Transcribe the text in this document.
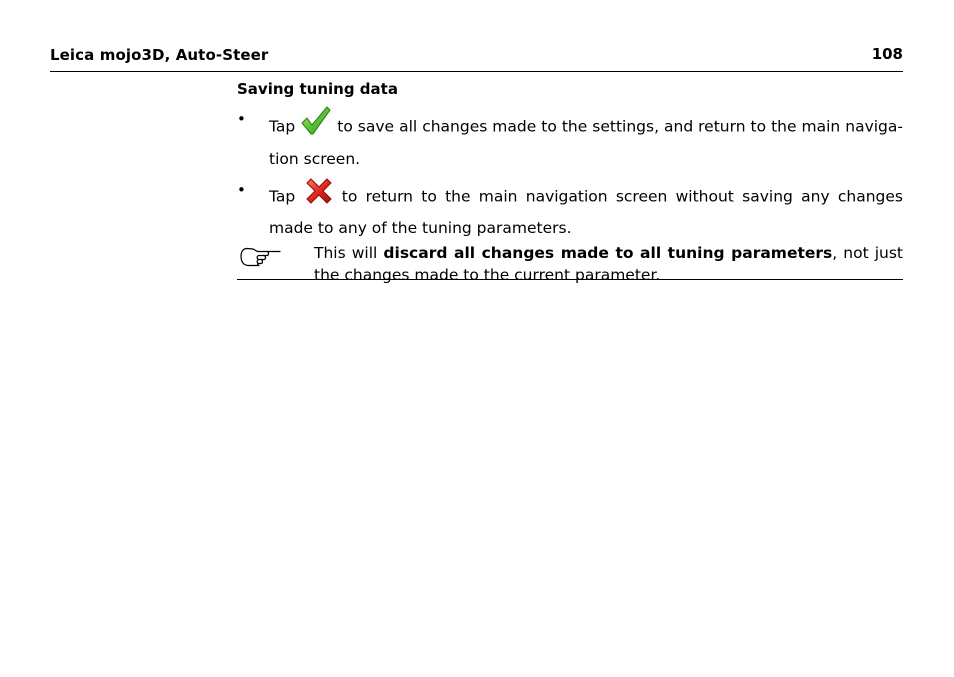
Leica mojo3D, Auto-Steer	108
Saving tuning data
• Tap	to save all changes made to the settings, and return to the main naviga-tion screen.
• Tap	to return to the main navigation screen without saving any changes made to any of the tuning parameters.
This will discard all changes made to all tuning parameters, not just the changes made to the current parameter.
